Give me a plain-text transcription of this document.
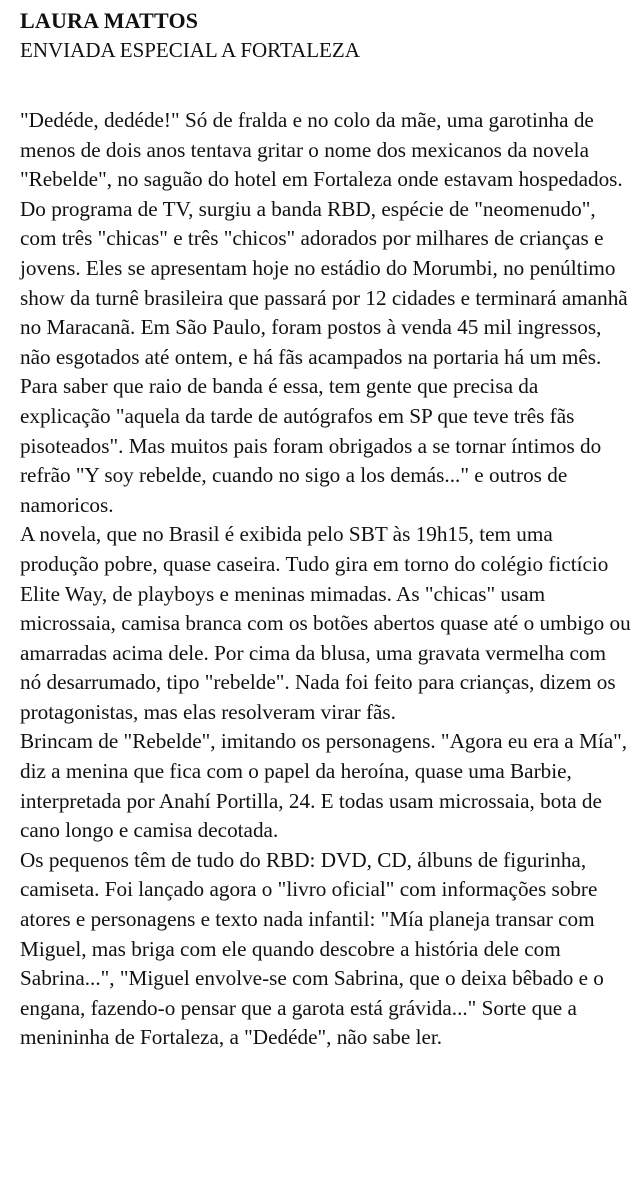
LAURA MATTOS

ENVIADA ESPECIAL A FORTALEZA

"Dedéde, dedéde!" Só de fralda e no colo da mãe, uma garotinha de menos de dois anos tentava gritar o nome dos mexicanos da novela "Rebelde", no saguão do hotel em Fortaleza onde estavam hospedados.

Do programa de TV, surgiu a banda RBD, espécie de "neomenudo", com três "chicas" e três "chicos" adorados por milhares de crianças e jovens. Eles se apresentam hoje no estádio do Morumbi, no penúltimo show da turnê brasileira que passará por 12 cidades e terminará amanhã no Maracanã. Em São Paulo, foram postos à venda 45 mil ingressos, não esgotados até ontem, e há fãs acampados na portaria há um mês.

Para saber que raio de banda é essa, tem gente que precisa da explicação "aquela da tarde de autógrafos em SP que teve três fãs pisoteados". Mas muitos pais foram obrigados a se tornar íntimos do refrão "Y soy rebelde, cuando no sigo a los demás..." e outros de namoricos.

A novela, que no Brasil é exibida pelo SBT às 19h15, tem uma produção pobre, quase caseira. Tudo gira em torno do colégio fictício Elite Way, de playboys e meninas mimadas. As "chicas" usam microssaia, camisa branca com os botões abertos quase até o umbigo ou amarradas acima dele. Por cima da blusa, uma gravata vermelha com nó desarrumado, tipo "rebelde". Nada foi feito para crianças, dizem os protagonistas, mas elas resolveram virar fãs.

Brincam de "Rebelde", imitando os personagens. "Agora eu era a Mía", diz a menina que fica com o papel da heroína, quase uma Barbie, interpretada por Anahí Portilla, 24. E todas usam microssaia, bota de cano longo e camisa decotada.

Os pequenos têm de tudo do RBD: DVD, CD, álbuns de figurinha, camiseta. Foi lançado agora o "livro oficial" com informações sobre atores e personagens e texto nada infantil: "Mía planeja transar com Miguel, mas briga com ele quando descobre a história dele com Sabrina...", "Miguel envolve-se com Sabrina, que o deixa bêbado e o engana, fazendo-o pensar que a garota está grávida..." Sorte que a menininha de Fortaleza, a "Dedéde", não sabe ler.
